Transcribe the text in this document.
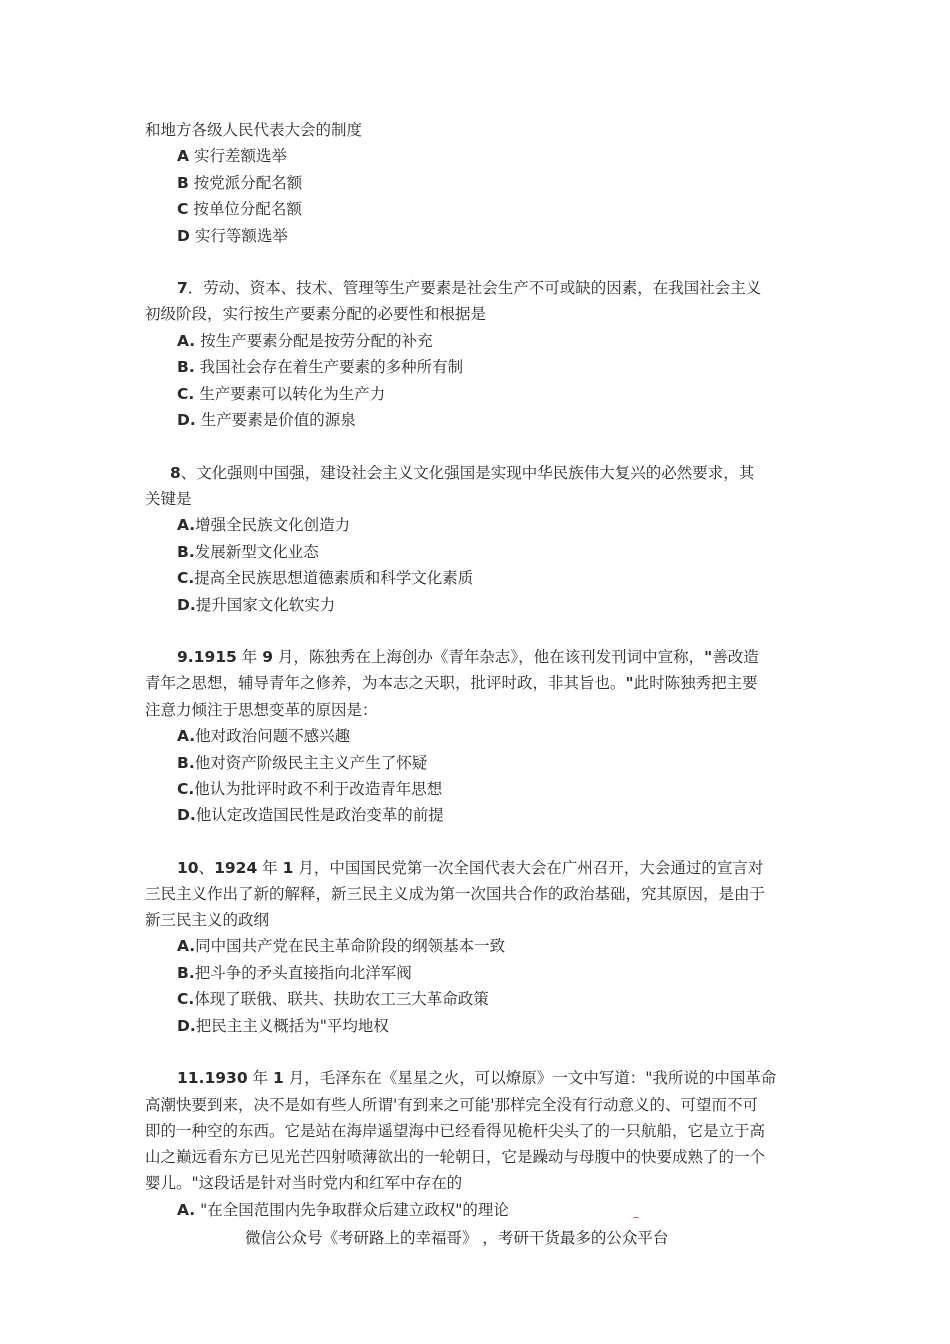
和地方各级人民代表大会的制度
A 实行差额选举
B 按党派分配名额
C 按单位分配名额
D 实行等额选举
7．劳动、资本、技术、管理等生产要素是社会生产不可或缺的因素，在我国社会主义
初级阶段，实行按生产要素分配的必要性和根据是
A. 按生产要素分配是按劳分配的补充
B. 我国社会存在着生产要素的多种所有制
C. 生产要素可以转化为生产力
D. 生产要素是价值的源泉
8、文化强则中国强，建设社会主义文化强国是实现中华民族伟大复兴的必然要求，其
关键是
A.增强全民族文化创造力
B.发展新型文化业态
C.提高全民族思想道德素质和科学文化素质
D.提升国家文化软实力
9.1915 年 9 月，陈独秀在上海创办《青年杂志》，他在该刊发刊词中宣称，"善改造
青年之思想，辅导青年之修养，为本志之天职，批评时政，非其旨也。"此时陈独秀把主要
注意力倾注于思想变革的原因是：
A.他对政治问题不感兴趣
B.他对资产阶级民主主义产生了怀疑
C.他认为批评时政不利于改造青年思想
D.他认定改造国民性是政治变革的前提
10、1924 年 1 月，中国国民党第一次全国代表大会在广州召开，大会通过的宣言对
三民主义作出了新的解释，新三民主义成为第一次国共合作的政治基础，究其原因，是由于
新三民主义的政纲
A.同中国共产党在民主革命阶段的纲领基本一致
B.把斗争的矛头直接指向北洋军阀
C.体现了联俄、联共、扶助农工三大革命政策
D.把民主主义概括为"平均地权
11.1930 年 1 月，毛泽东在《星星之火，可以燎原》一文中写道："我所说的中国革命
高潮快要到来，决不是如有些人所谓'有到来之可能'那样完全没有行动意义的、可望而不可
即的一种空的东西。它是站在海岸遥望海中已经看得见桅杆尖头了的一只航船，它是立于高
山之巅远看东方已见光芒四射喷薄欲出的一轮朝日，它是躁动与母腹中的快要成熟了的一个
婴儿。"这段话是针对当时党内和红军中存在的
A. "在全国范围内先争取群众后建立政权"的理论
微信公众号《考研路上的幸福哥》 ，考研干货最多的公众平台
